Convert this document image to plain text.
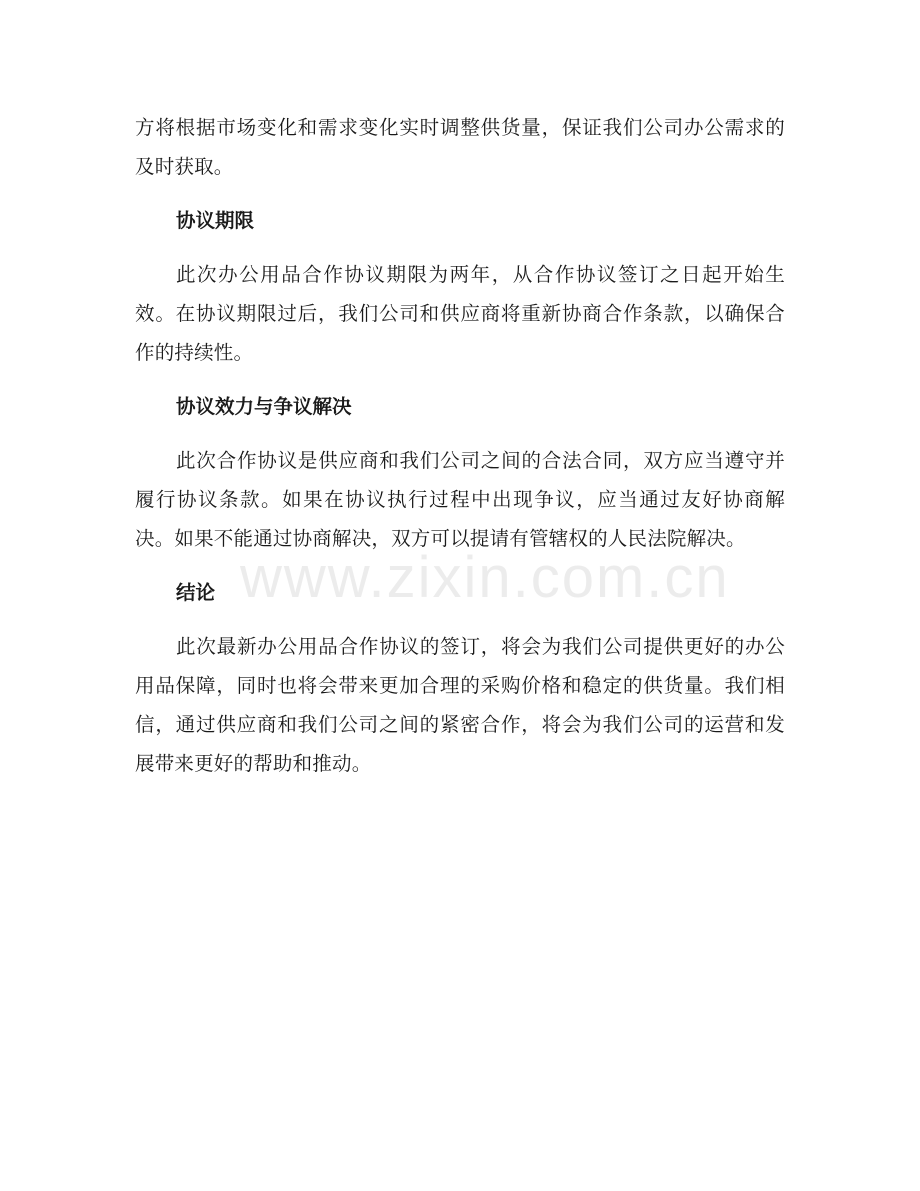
方将根据市场变化和需求变化实时调整供货量，保证我们公司办公需求的及时获取。

协议期限

此次办公用品合作协议期限为两年，从合作协议签订之日起开始生效。在协议期限过后，我们公司和供应商将重新协商合作条款，以确保合作的持续性。

协议效力与争议解决

此次合作协议是供应商和我们公司之间的合法合同，双方应当遵守并履行协议条款。如果在协议执行过程中出现争议，应当通过友好协商解决。如果不能通过协商解决，双方可以提请有管辖权的人民法院解决。

结论

此次最新办公用品合作协议的签订，将会为我们公司提供更好的办公用品保障，同时也将会带来更加合理的采购价格和稳定的供货量。我们相信，通过供应商和我们公司之间的紧密合作，将会为我们公司的运营和发展带来更好的帮助和推动。

www.zixin.com.cn
